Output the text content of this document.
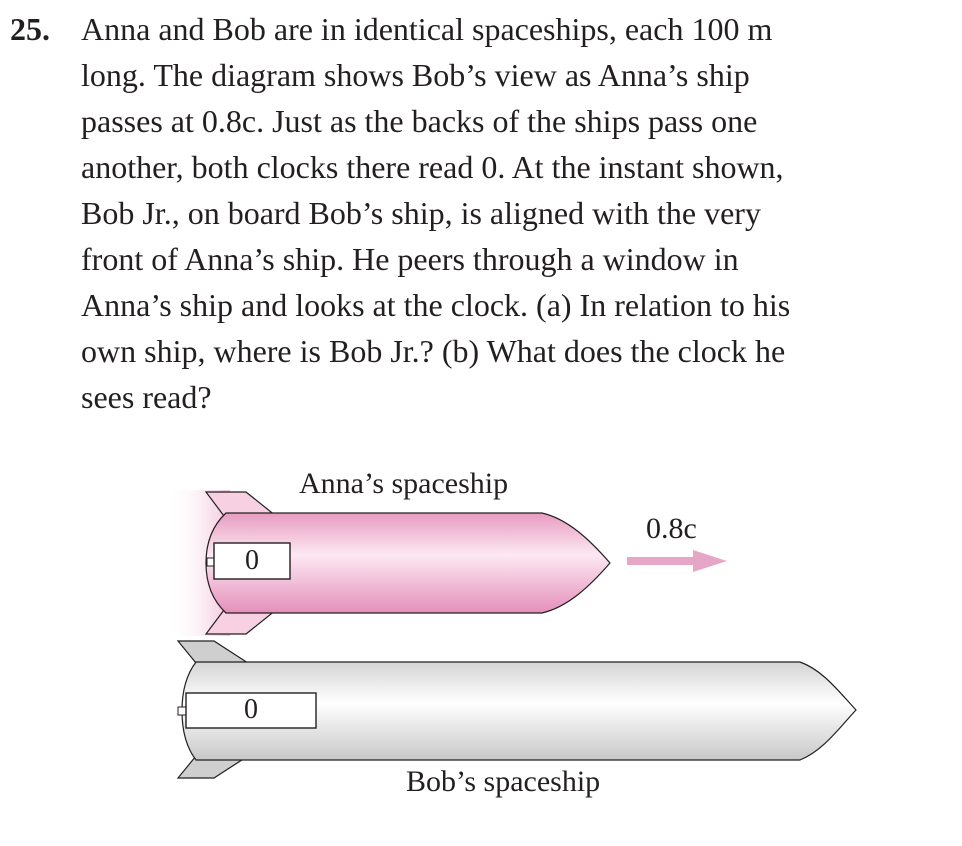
25. Anna and Bob are in identical spaceships, each 100 m
long. The diagram shows Bob’s view as Anna’s ship
passes at 0.8c. Just as the backs of the ships pass one
another, both clocks there read 0. At the instant shown,
Bob Jr., on board Bob’s ship, is aligned with the very
front of Anna’s ship. He peers through a window in
Anna’s ship and looks at the clock. (a) In relation to his
own ship, where is Bob Jr.? (b) What does the clock he
sees read?
Anna’s spaceship
0.8c
0
0
Bob’s spaceship
